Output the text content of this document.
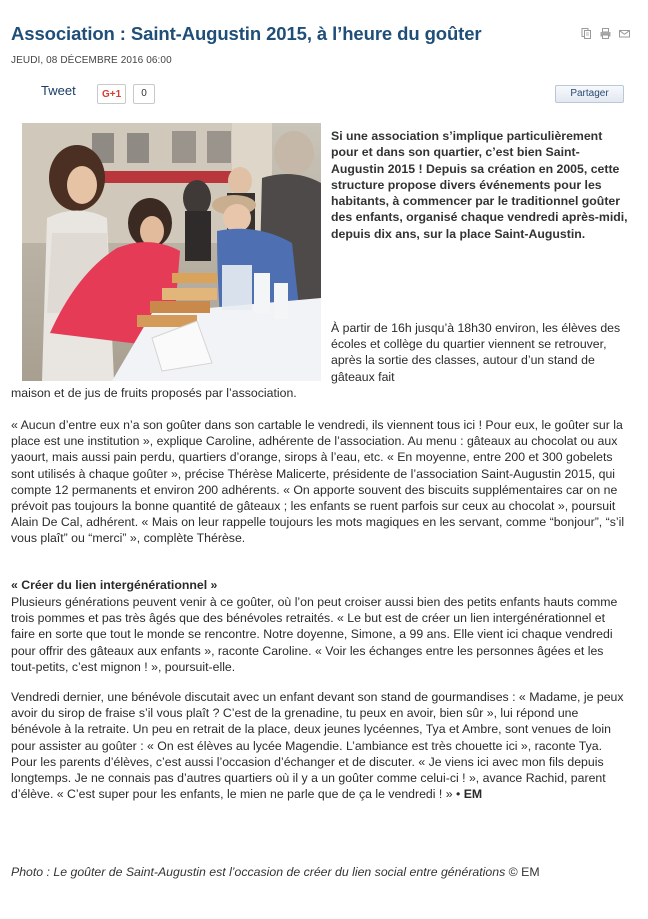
Association : Saint-Augustin 2015, à l’heure du goûter
JEUDI, 08 DÉCEMBRE 2016 06:00
Tweet	G+1	0	Partager

Si une association s’implique particulièrement pour et dans son quartier, c’est bien Saint-Augustin 2015 ! Depuis sa création en 2005, cette structure propose divers événements pour les habitants, à commencer par le traditionnel goûter des enfants, organisé chaque vendredi après-midi, depuis dix ans, sur la place Saint-Augustin.

À partir de 16h jusqu’à 18h30 environ, les élèves des écoles et collège du quartier viennent se retrouver, après la sortie des classes, autour d’un stand de gâteaux fait

maison et de jus de fruits proposés par l’association.

« Aucun d’entre eux n’a son goûter dans son cartable le vendredi, ils viennent tous ici ! Pour eux, le goûter sur la place est une institution », explique Caroline, adhérente de l’association. Au menu : gâteaux au chocolat ou aux yaourt, mais aussi pain perdu, quartiers d’orange, sirops à l’eau, etc. « En moyenne, entre 200 et 300 gobelets sont utilisés à chaque goûter », précise Thérèse Malicerte, présidente de l’association Saint-Augustin 2015, qui compte 12 permanents et environ 200 adhérents. « On apporte souvent des biscuits supplémentaires car on ne prévoit pas toujours la bonne quantité de gâteaux ; les enfants se ruent parfois sur ceux au chocolat », poursuit Alain De Cal, adhérent. « Mais on leur rappelle toujours les mots magiques en les servant, comme “bonjour”, “s’il vous plaît” ou “merci” », complète Thérèse.

« Créer du lien intergénérationnel »

Plusieurs générations peuvent venir à ce goûter, où l’on peut croiser aussi bien des petits enfants hauts comme trois pommes et pas très âgés que des bénévoles retraités. « Le but est de créer un lien intergénérationnel et faire en sorte que tout le monde se rencontre. Notre doyenne, Simone, a 99 ans. Elle vient ici chaque vendredi pour offrir des gâteaux aux enfants », raconte Caroline. « Voir les échanges entre les personnes âgées et les tout-petits, c’est mignon ! », poursuit-elle.

Vendredi dernier, une bénévole discutait avec un enfant devant son stand de gourmandises : « Madame, je peux avoir du sirop de fraise s’il vous plaît ? C’est de la grenadine, tu peux en avoir, bien sûr », lui répond une bénévole à la retraite. Un peu en retrait de la place, deux jeunes lycéennes, Tya et Ambre, sont venues de loin pour assister au goûter : « On est élèves au lycée Magendie. L’ambiance est très chouette ici », raconte Tya. Pour les parents d’élèves, c’est aussi l’occasion d’échanger et de discuter. « Je viens ici avec mon fils depuis longtemps. Je ne connais pas d’autres quartiers où il y a un goûter comme celui-ci ! », avance Rachid, parent d’élève. « C’est super pour les enfants, le mien ne parle que de ça le vendredi ! » • EM

Photo : Le goûter de Saint-Augustin est l’occasion de créer du lien social entre générations © EM
